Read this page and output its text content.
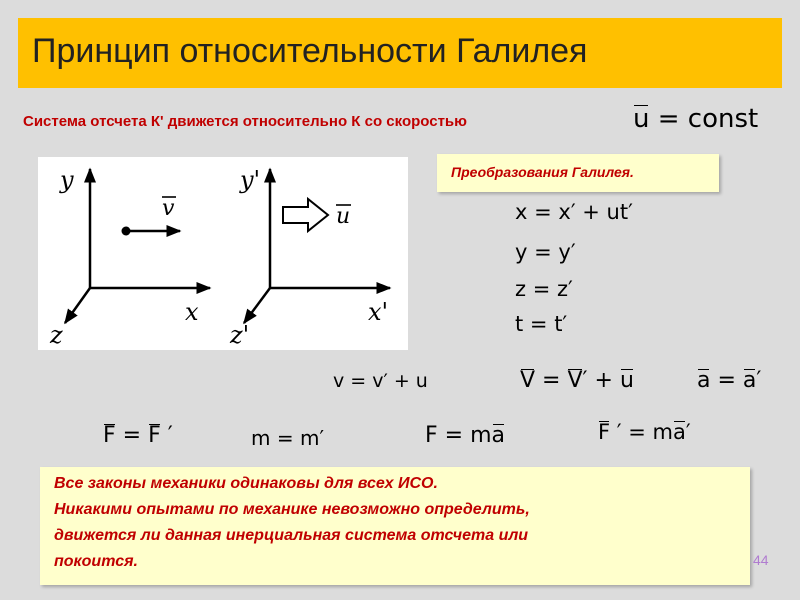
Принцип относительности Галилея
Система отсчета К' движется относительно К со скоростью	u = const
y
x
z
v
y'
x'
z'
u
Преобразования Галилея.
x = x′ + ut′
y = y′
z = z′
t = t′
v = v′ + u	V = V′ + u	a = a′
F = F ′	m = m′	F = ma	F ′ = ma′

Все законы механики одинаковы для всех ИСО.

Никакими опытами по механике невозможно определить,

движется ли данная инерциальная система отсчета или

покоится.	44
